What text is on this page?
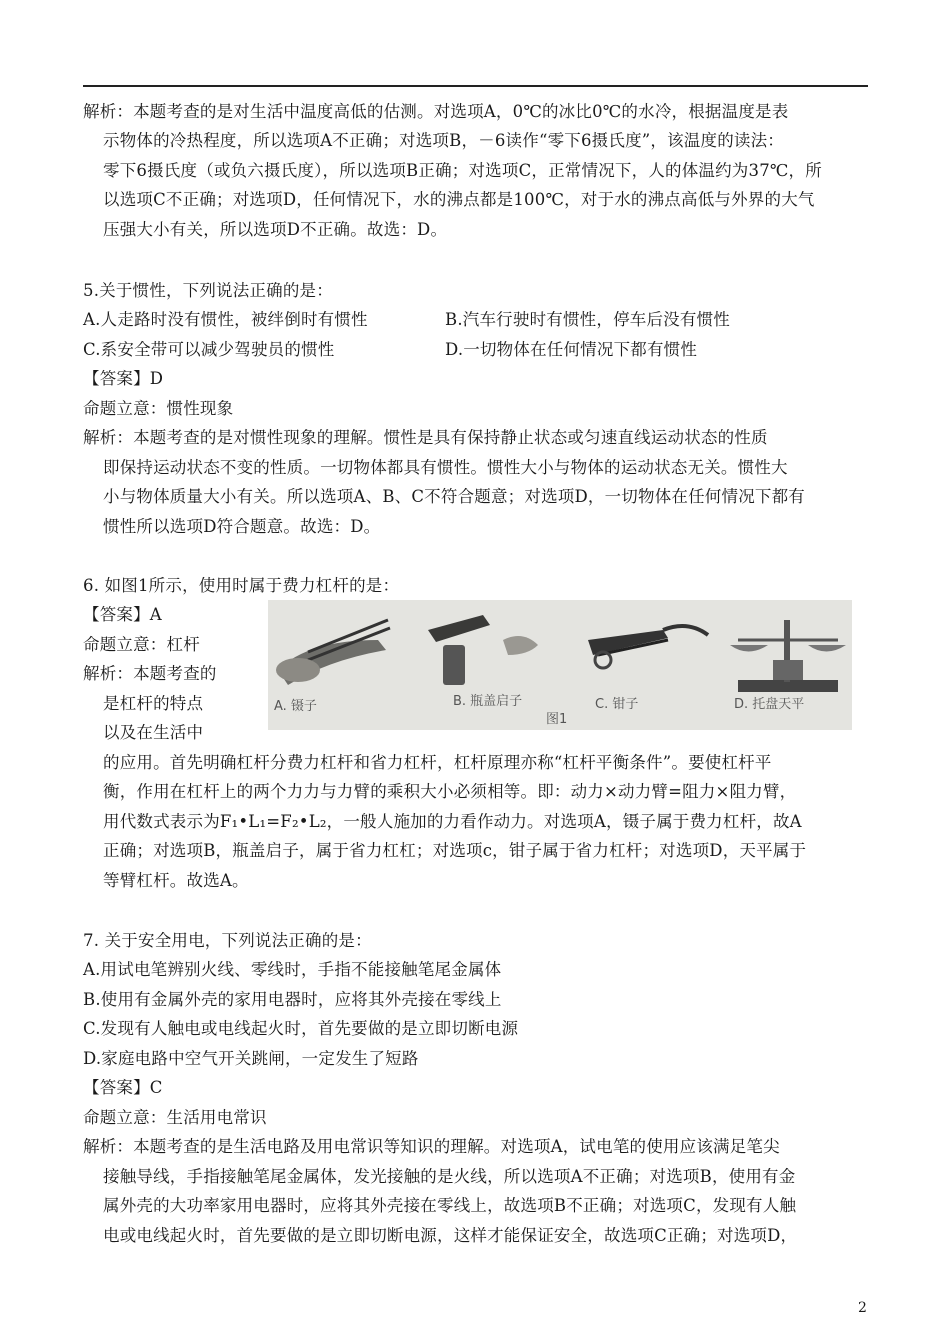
解析：本题考查的是对生活中温度高低的估测。对选项A，0℃的冰比0℃的水冷，根据温度是表
示物体的冷热程度，所以选项A不正确；对选项B，－6读作“零下6摄氏度”，该温度的读法：
零下6摄氏度（或负六摄氏度），所以选项B正确；对选项C，正常情况下，人的体温约为37℃，所
以选项C不正确；对选项D，任何情况下，水的沸点都是100℃，对于水的沸点高低与外界的大气
压强大小有关，所以选项D不正确。故选：D。
5.关于惯性，下列说法正确的是：
A.人走路时没有惯性，被绊倒时有惯性	B.汽车行驶时有惯性，停车后没有惯性
C.系安全带可以减少驾驶员的惯性	D.一切物体在任何情况下都有惯性
【答案】D
命题立意：惯性现象
解析：本题考查的是对惯性现象的理解。惯性是具有保持静止状态或匀速直线运动状态的性质
即保持运动状态不变的性质。一切物体都具有惯性。惯性大小与物体的运动状态无关。惯性大
小与物体质量大小有关。所以选项A、B、C不符合题意；对选项D，一切物体在任何情况下都有
惯性所以选项D符合题意。故选：D。
6. 如图1所示，使用时属于费力杠杆的是：
【答案】A
命题立意：杠杆
解析：本题考查的
是杠杆的特点
以及在生活中
的应用。首先明确杠杆分费力杠杆和省力杠杆，杠杆原理亦称“杠杆平衡条件”。要使杠杆平
衡，作用在杠杆上的两个力力与力臂的乘积大小必须相等。即：动力×动力臂=阻力×阻力臂，
用代数式表示为F₁•L₁=F₂•L₂，一般人施加的力看作动力。对选项A，镊子属于费力杠杆，故A
正确；对选项B，瓶盖启子，属于省力杠杠；对选项c，钳子属于省力杠杆；对选项D，天平属于
等臂杠杆。故选A。
A. 镊子	B. 瓶盖启子	C. 钳子	D. 托盘天平
图1
7. 关于安全用电，下列说法正确的是：
A.用试电笔辨别火线、零线时，手指不能接触笔尾金属体
B.使用有金属外壳的家用电器时，应将其外壳接在零线上
C.发现有人触电或电线起火时，首先要做的是立即切断电源
D.家庭电路中空气开关跳闸，一定发生了短路
【答案】C
命题立意：生活用电常识
解析：本题考查的是生活电路及用电常识等知识的理解。对选项A，试电笔的使用应该满足笔尖
接触导线，手指接触笔尾金属体，发光接触的是火线，所以选项A不正确；对选项B，使用有金
属外壳的大功率家用电器时，应将其外壳接在零线上，故选项B不正确；对选项C，发现有人触
电或电线起火时，首先要做的是立即切断电源，这样才能保证安全，故选项C正确；对选项D，
2
